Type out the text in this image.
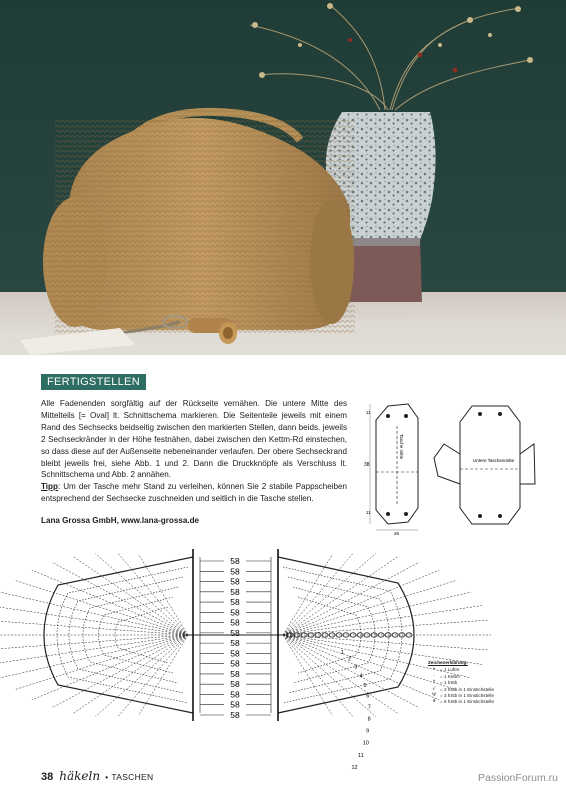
FERTIGSTELLEN

Alle Fadenenden sorgfältig auf der Rückseite vernähen. Die untere Mitte des Mittelteils [= Oval] lt. Schnittschema markieren. Die Seitenteile jeweils mit einem Rand des Sechsecks beidseitig zwischen den markierten Stellen, dann beids. jeweils 2 Sechseckränder in der Höhe festnähen, dabei zwischen den Kettm-Rd einstechen, so dass diese auf der Außenseite nebeneinander verlaufen. Der obere Sechseckrand bleibt jeweils frei, siehe Abb. 1 und 2. Dann die Druckknöpfe als Verschluss lt. Schnittschema und Abb. 2 annähen.

Tipp: Um der Tasche mehr Stand zu verleihen, können Sie 2 stabile Pappscheiben entsprechend der Sechsecke zuschneiden und seitlich in die Tasche stellen.

Lana Grossa GmbH, www.lana-grossa.de
11
38
11
26
Tasche mitte
Untere Taschenmitte
58
58
58
58
58
58
58
58
58
58
58
58
58
58
58
58
1
2
3
4
5
6
7
8
9
10
11
12
Zeichenerklärung:
•	= 1 Luftm
·	= 1 Kettm
†	= 1 hStb
√ = 2 hStb in 1 Einstichstelle
Ψ = 3 hStb in 1 Einstichstelle
⋔ = 6 hStb in 1 Einstichstelle
38 häkeln • TASCHEN	PassionForum.ru
